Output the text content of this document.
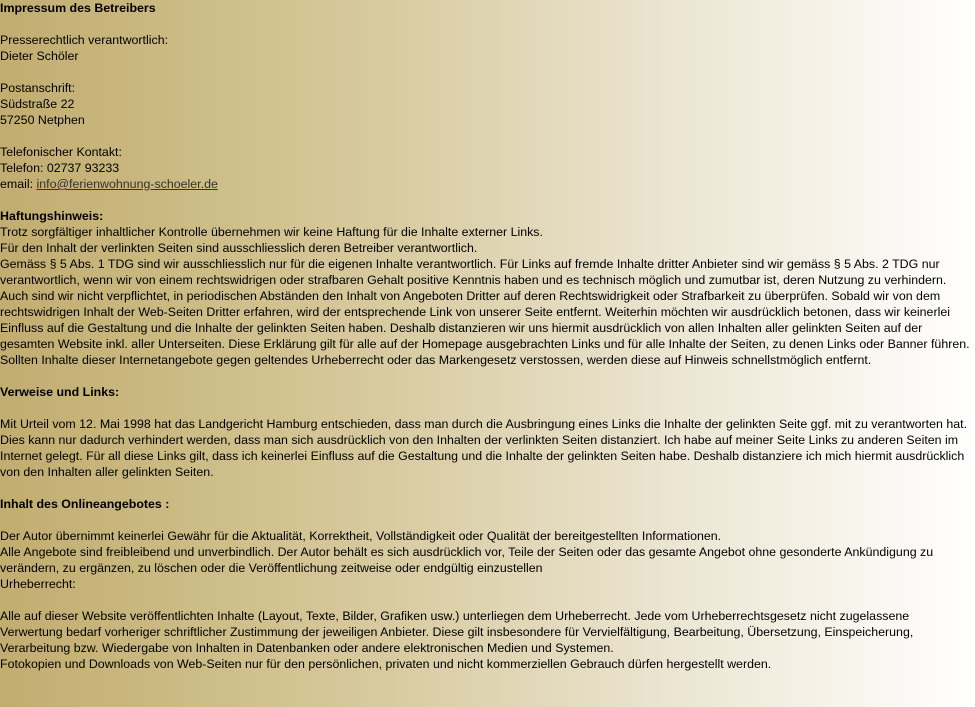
Impressum des Betreibers
Presserechtlich verantwortlich:
Dieter Schöler
Postanschrift:
Südstraße 22
57250 Netphen
Telefonischer Kontakt:
Telefon: 02737 93233
email: info@ferienwohnung-schoeler.de
Haftungshinweis:
Trotz sorgfältiger inhaltlicher Kontrolle übernehmen wir keine Haftung für die Inhalte externer Links.
Für den Inhalt der verlinkten Seiten sind ausschliesslich deren Betreiber verantwortlich.
Gemäss § 5 Abs. 1 TDG sind wir ausschliesslich nur für die eigenen Inhalte verantwortlich. Für Links auf fremde Inhalte dritter Anbieter sind wir gemäss § 5 Abs. 2 TDG nur verantwortlich, wenn wir von einem rechtswidrigen oder strafbaren Gehalt positive Kenntnis haben und es technisch möglich und zumutbar ist, deren Nutzung zu verhindern. Auch sind wir nicht verpflichtet, in periodischen Abständen den Inhalt von Angeboten Dritter auf deren Rechtswidrigkeit oder Strafbarkeit zu überprüfen. Sobald wir von dem rechtswidrigen Inhalt der Web-Seiten Dritter erfahren, wird der entsprechende Link von unserer Seite entfernt. Weiterhin möchten wir ausdrücklich betonen, dass wir keinerlei Einfluss auf die Gestaltung und die Inhalte der gelinkten Seiten haben. Deshalb distanzieren wir uns hiermit ausdrücklich von allen Inhalten aller gelinkten Seiten auf der gesamten Website inkl. aller Unterseiten. Diese Erklärung gilt für alle auf der Homepage ausgebrachten Links und für alle Inhalte der Seiten, zu denen Links oder Banner führen. Sollten Inhalte dieser Internetangebote gegen geltendes Urheberrecht oder das Markengesetz verstossen, werden diese auf Hinweis schnellstmöglich entfernt.
Verweise und Links:
Mit Urteil vom 12. Mai 1998 hat das Landgericht Hamburg entschieden, dass man durch die Ausbringung eines Links die Inhalte der gelinkten Seite ggf. mit zu verantworten hat. Dies kann nur dadurch verhindert werden, dass man sich ausdrücklich von den Inhalten der verlinkten Seiten distanziert. Ich habe auf meiner Seite Links zu anderen Seiten im Internet gelegt. Für all diese Links gilt, dass ich keinerlei Einfluss auf die Gestaltung und die Inhalte der gelinkten Seiten habe. Deshalb distanziere ich mich hiermit ausdrücklich von den Inhalten aller gelinkten Seiten.
Inhalt des Onlineangebotes :
Der Autor übernimmt keinerlei Gewähr für die Aktualität, Korrektheit, Vollständigkeit oder Qualität der bereitgestellten Informationen.
Alle Angebote sind freibleibend und unverbindlich. Der Autor behält es sich ausdrücklich vor, Teile der Seiten oder das gesamte Angebot ohne gesonderte Ankündigung zu verändern, zu ergänzen, zu löschen oder die Veröffentlichung zeitweise oder endgültig einzustellen
Urheberrecht:
Alle auf dieser Website veröffentlichten Inhalte (Layout, Texte, Bilder, Grafiken usw.) unterliegen dem Urheberrecht. Jede vom Urheberrechtsgesetz nicht zugelassene Verwertung bedarf vorheriger schriftlicher Zustimmung der jeweiligen Anbieter. Diese gilt insbesondere für Vervielfältigung, Bearbeitung, Übersetzung, Einspeicherung, Verarbeitung bzw. Wiedergabe von Inhalten in Datenbanken oder andere elektronischen Medien und Systemen.
Fotokopien und Downloads von Web-Seiten nur für den persönlichen, privaten und nicht kommerziellen Gebrauch dürfen hergestellt werden.
